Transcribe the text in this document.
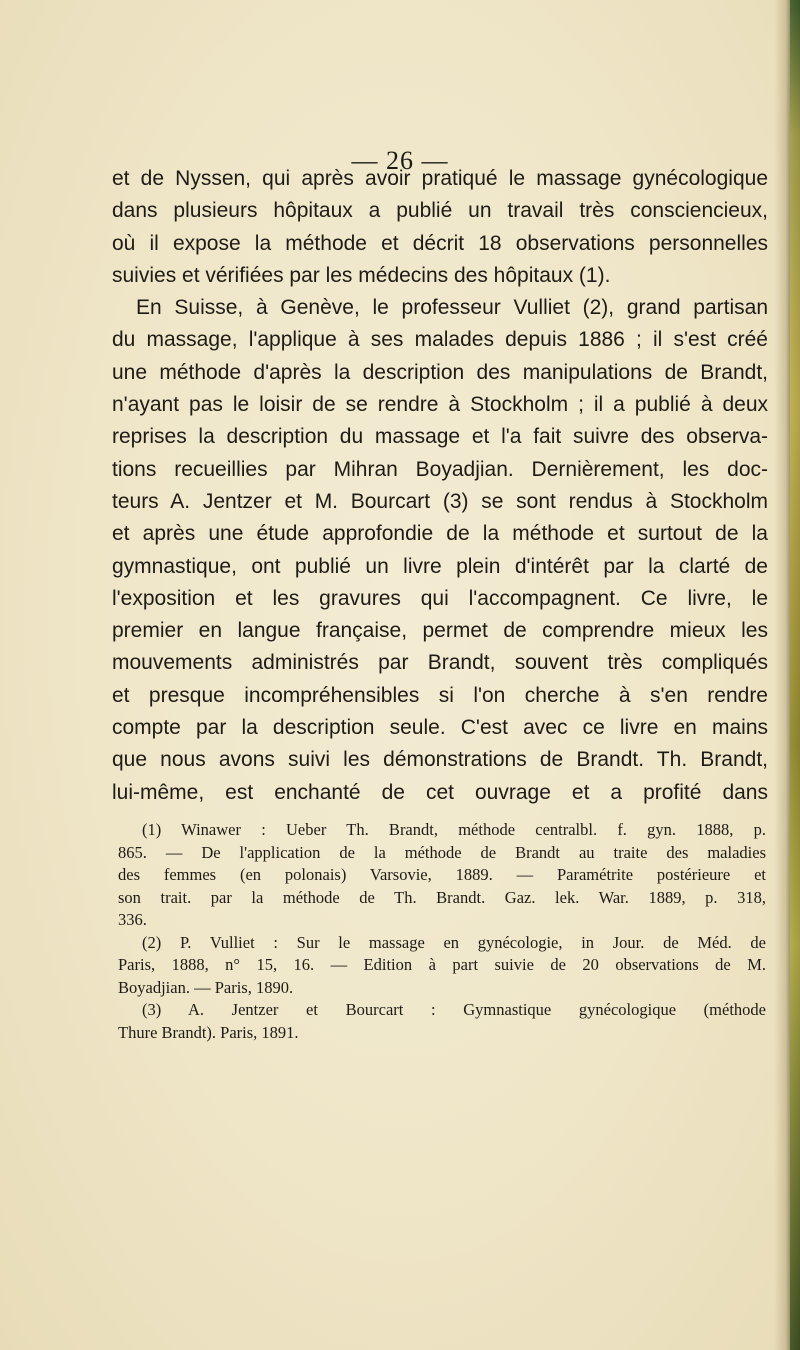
— 26 —
et de Nyssen, qui après avoir pratiqué le massage gynécologique
dans plusieurs hôpitaux a publié un travail très consciencieux,
où il expose la méthode et décrit 18 observations personnelles
suivies et vérifiées par les médecins des hôpitaux (1).
En Suisse, à Genève, le professeur Vulliet (2), grand partisan
du massage, l'applique à ses malades depuis 1886 ; il s'est créé
une méthode d'après la description des manipulations de Brandt,
n'ayant pas le loisir de se rendre à Stockholm ; il a publié à deux
reprises la description du massage et l'a fait suivre des observa-
tions recueillies par Mihran Boyadjian. Dernièrement, les doc-
teurs A. Jentzer et M. Bourcart (3) se sont rendus à Stockholm
et après une étude approfondie de la méthode et surtout de la
gymnastique, ont publié un livre plein d'intérêt par la clarté de
l'exposition et les gravures qui l'accompagnent. Ce livre, le
premier en langue française, permet de comprendre mieux les
mouvements administrés par Brandt, souvent très compliqués
et presque incompréhensibles si l'on cherche à s'en rendre
compte par la description seule. C'est avec ce livre en mains
que nous avons suivi les démonstrations de Brandt. Th. Brandt,
lui-même, est enchanté de cet ouvrage et a profité dans
(1) Winawer : Ueber Th. Brandt, méthode centralbl. f. gyn. 1888, p.
865. — De l'application de la méthode de Brandt au traite des maladies
des femmes (en polonais) Varsovie, 1889. — Paramétrite postérieure et
son trait. par la méthode de Th. Brandt. Gaz. lek. War. 1889, p. 318,
336.
(2) P. Vulliet : Sur le massage en gynécologie, in Jour. de Méd. de
Paris, 1888, n° 15, 16. — Edition à part suivie de 20 observations de M.
Boyadjian. — Paris, 1890.
(3) A. Jentzer et Bourcart : Gymnastique gynécologique (méthode
Thure Brandt). Paris, 1891.
